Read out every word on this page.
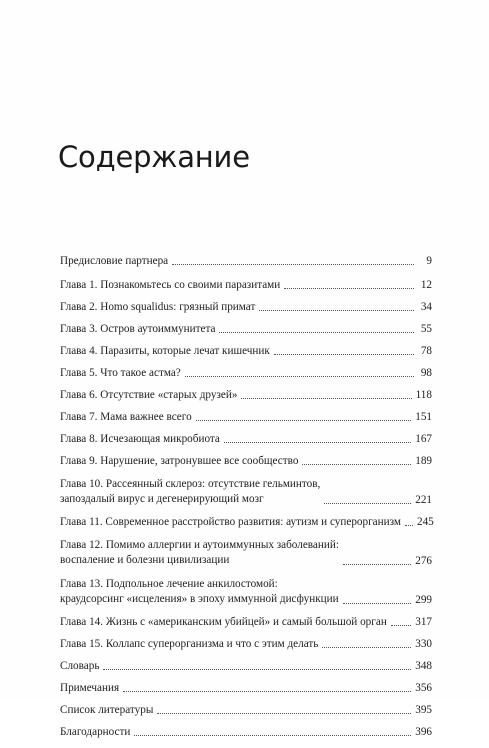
Содержание
Предисловие партнера	9
Глава 1. Познакомьтесь со своими паразитами	12
Глава 2. Homo squalidus: грязный примат	34
Глава 3. Остров аутоиммунитета	55
Глава 4. Паразиты, которые лечат кишечник	78
Глава 5. Что такое астма?	98
Глава 6. Отсутствие «старых друзей»	118
Глава 7. Мама важнее всего	151
Глава 8. Исчезающая микробиота	167
Глава 9. Нарушение, затронувшее все сообщество	189
Глава 10. Рассеянный склероз: отсутствие гельминтов,
запоздалый вирус и дегенерирующий мозг	221
Глава 11. Современное расстройство развития: аутизм и суперорганизм 245
Глава 12. Помимо аллергии и аутоиммунных заболеваний:
воспаление и болезни цивилизации	276
Глава 13. Подпольное лечение анкилостомой:
краудсорсинг «исцеления» в эпоху иммунной дисфункции	299
Глава 14. Жизнь с «американским убийцей» и самый большой орган	317
Глава 15. Коллапс суперорганизма и что с этим делать	330
Словарь	348
Примечания	356
Список литературы	395
Благодарности	396
